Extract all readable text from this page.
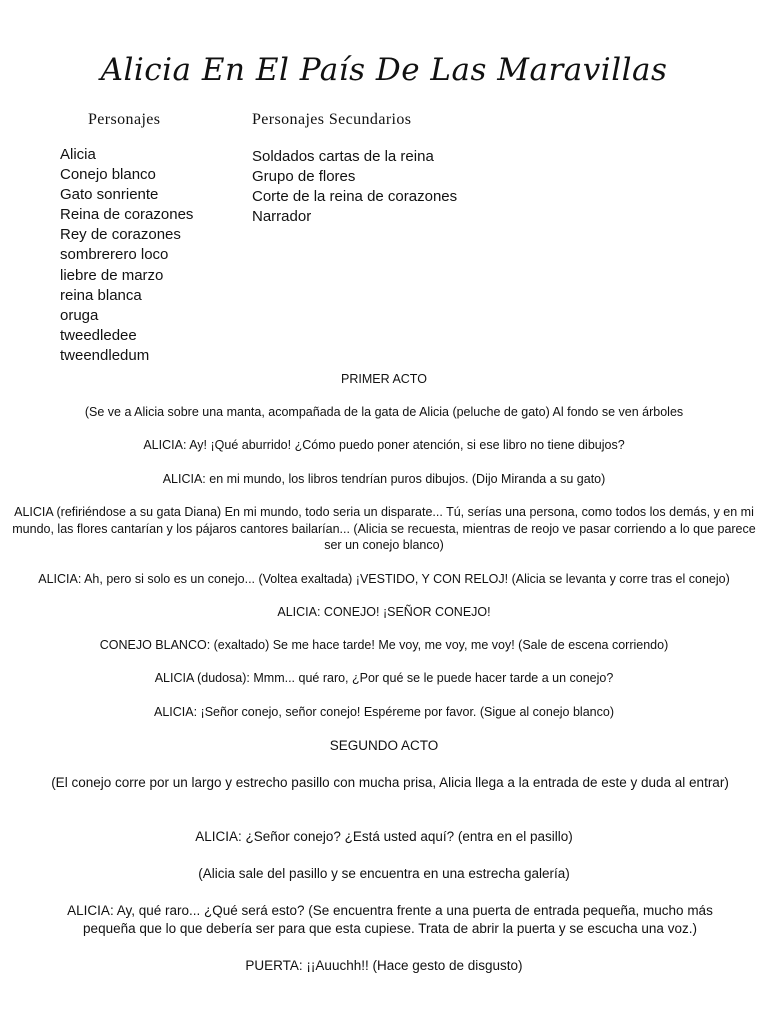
Alicia En El País De Las Maravillas
Personajes	Personajes Secundarios
Alicia
Conejo blanco
Gato sonriente
Reina de corazones
Rey de corazones
sombrerero loco
liebre de marzo
reina blanca
oruga
tweedledee
tweendledum
Soldados cartas de la reina
Grupo de flores
Corte de la reina de corazones
Narrador

PRIMER ACTO

(Se ve a Alicia sobre una manta, acompañada de la gata de Alicia (peluche de gato) Al fondo se ven árboles

ALICIA: Ay! ¡Qué aburrido! ¿Cómo puedo poner atención, si ese libro no tiene dibujos?

ALICIA: en mi mundo, los libros tendrían puros dibujos. (Dijo Miranda a su gato)

ALICIA (refiriéndose a su gata Diana) En mi mundo, todo seria un disparate... Tú, serías una persona, como todos los demás, y en mi mundo, las flores cantarían y los pájaros cantores bailarían... (Alicia se recuesta, mientras de reojo ve pasar corriendo a lo que parece ser un conejo blanco)

ALICIA: Ah, pero si solo es un conejo... (Voltea exaltada) ¡VESTIDO, Y CON RELOJ! (Alicia se levanta y corre tras el conejo)

ALICIA: CONEJO! ¡SEÑOR CONEJO!

CONEJO BLANCO: (exaltado) Se me hace tarde! Me voy, me voy, me voy! (Sale de escena corriendo)

ALICIA (dudosa): Mmm... qué raro, ¿Por qué se le puede hacer tarde a un conejo?

ALICIA: ¡Señor conejo, señor conejo! Espéreme por favor. (Sigue al conejo blanco)

SEGUNDO ACTO

(El conejo corre por un largo y estrecho pasillo con mucha prisa, Alicia llega a la entrada de este y duda al entrar)

ALICIA: ¿Señor conejo? ¿Está usted aquí? (entra en el pasillo)

(Alicia sale del pasillo y se encuentra en una estrecha galería)

ALICIA: Ay, qué raro... ¿Qué será esto? (Se encuentra frente a una puerta de entrada pequeña, mucho más pequeña que lo que debería ser para que esta cupiese. Trata de abrir la puerta y se escucha una voz.)

PUERTA: ¡¡Auuchh!! (Hace gesto de disgusto)
